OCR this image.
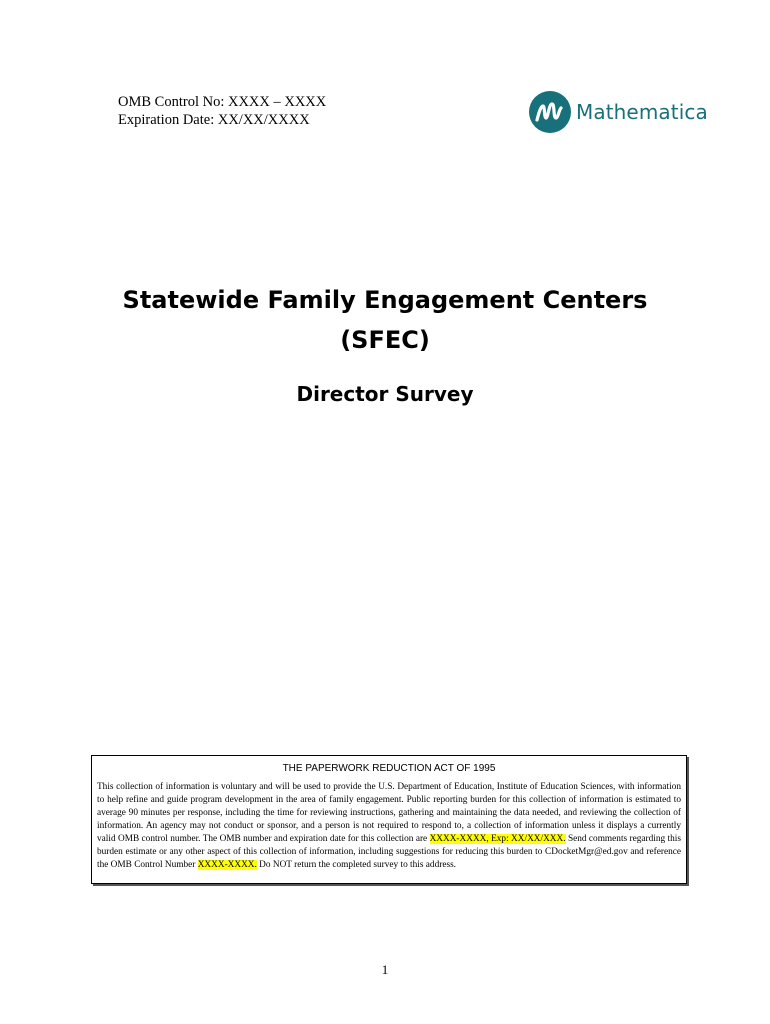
OMB Control No: XXXX – XXXX
Expiration Date: XX/XX/XXXX	Mathematica
Statewide Family Engagement Centers
(SFEC)
Director Survey
THE PAPERWORK REDUCTION ACT OF 1995

This collection of information is voluntary and will be used to provide the U.S. Department of Education, Institute of Education Sciences, with information to help refine and guide program development in the area of family engagement. Public reporting burden for this collection of information is estimated to average 90 minutes per response, including the time for reviewing instructions, gathering and maintaining the data needed, and reviewing the collection of information. An agency may not conduct or sponsor, and a person is not required to respond to, a collection of information unless it displays a currently valid OMB control number. The OMB number and expiration date for this collection are XXXX-XXXX, Exp: XX/XX/XXX. Send comments regarding this burden estimate or any other aspect of this collection of information, including suggestions for reducing this burden to CDocketMgr@ed.gov and reference the OMB Control Number XXXX-XXXX. Do NOT return the completed survey to this address.

1
